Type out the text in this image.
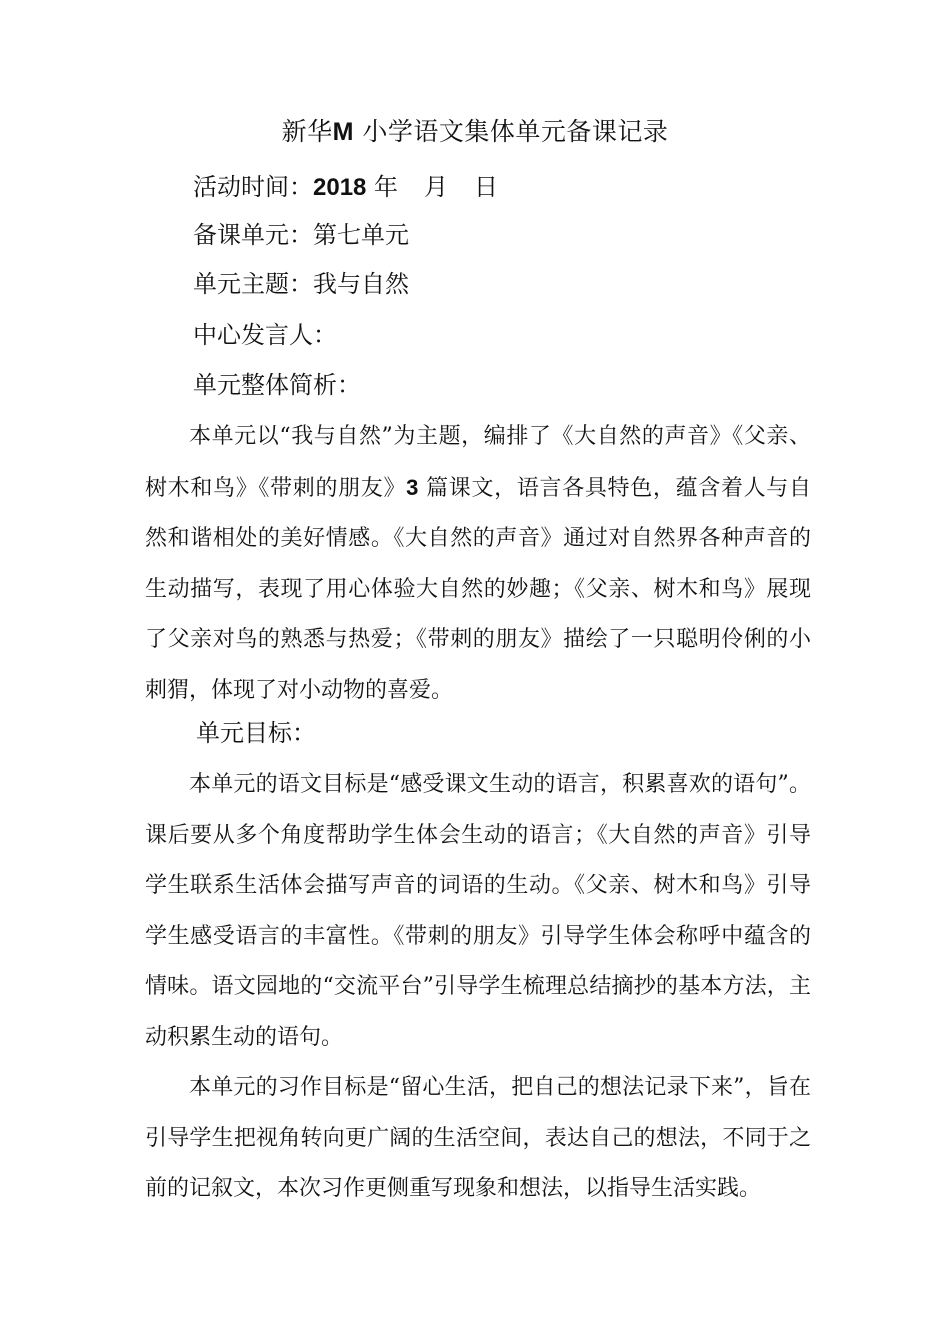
新华M 小学语文集体单元备课记录
活动时间：2018 年 月 日
备课单元：第七单元
单元主题：我与自然
中心发言人：
单元整体简析：

本单元以“我与自然”为主题，编排了《大自然的声音》《父亲、树木和鸟》《带刺的朋友》3 篇课文，语言各具特色，蕴含着人与自然和谐相处的美好情感。《大自然的声音》通过对自然界各种声音的生动描写，表现了用心体验大自然的妙趣；《父亲、树木和鸟》展现了父亲对鸟的熟悉与热爱；《带刺的朋友》描绘了一只聪明伶俐的小刺猬，体现了对小动物的喜爱。

单元目标：

本单元的语文目标是“感受课文生动的语言，积累喜欢的语句”。课后要从多个角度帮助学生体会生动的语言；《大自然的声音》引导学生联系生活体会描写声音的词语的生动。《父亲、树木和鸟》引导学生感受语言的丰富性。《带刺的朋友》引导学生体会称呼中蕴含的情味。语文园地的“交流平台”引导学生梳理总结摘抄的基本方法，主动积累生动的语句。

本单元的习作目标是“留心生活，把自己的想法记录下来”，旨在引导学生把视角转向更广阔的生活空间，表达自己的想法，不同于之前的记叙文，本次习作更侧重写现象和想法，以指导生活实践。
